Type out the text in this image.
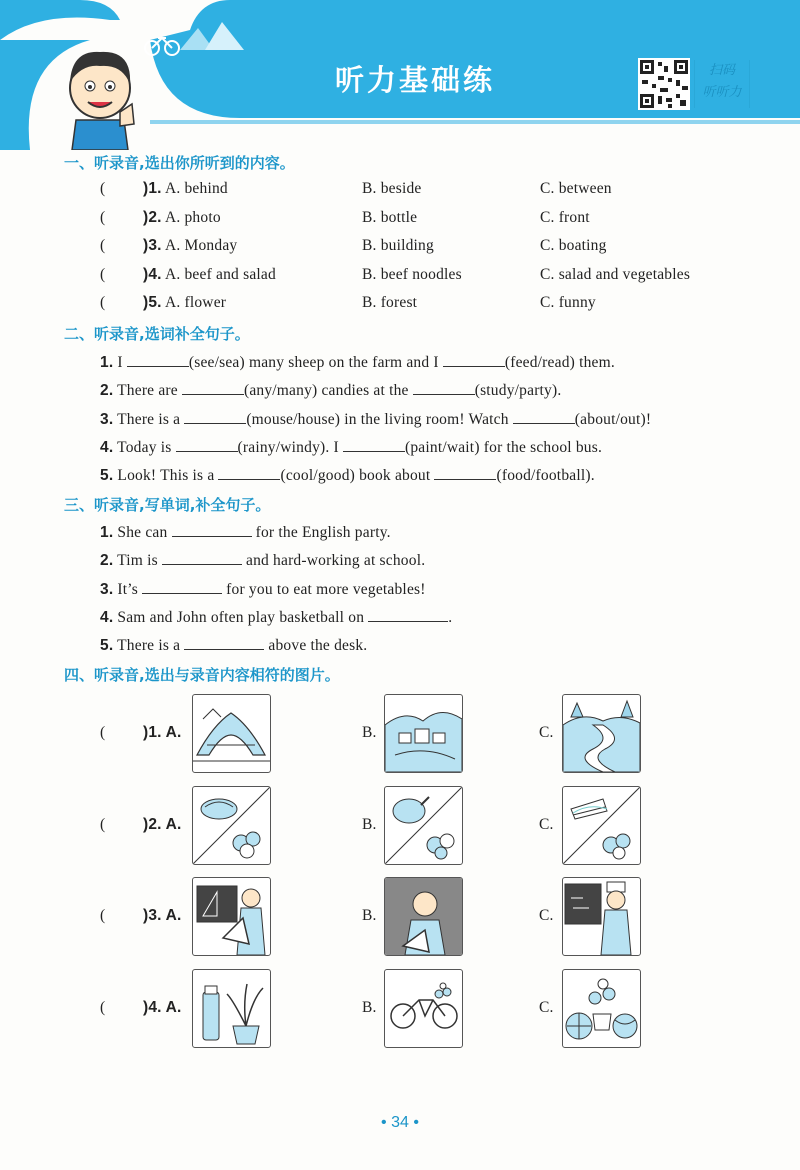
听力基础练	扫码
听听力
一、听录音,选出你所听到的内容。
( )1. A. behind	B. beside	C. between
( )2. A. photo	B. bottle	C. front
( )3. A. Monday	B. building	C. boating
( )4. A. beef and salad	B. beef noodles	C. salad and vegetables
( )5. A. flower	B. forest	C. funny
二、听录音,选词补全句子。
1. I	(see/sea) many sheep on the farm and I	(feed/read) them.
2. There are	(any/many) candies at the	(study/party).
3. There is a	(mouse/house) in the living room! Watch	(about/out)!
4. Today is	(rainy/windy). I	(paint/wait) for the school bus.
5. Look! This is a	(cool/good) book about	(food/football).
三、听录音,写单词,补全句子。
1. She can	for the English party.
2. Tim is	and hard-working at school.
3. It’s	for you to eat more vegetables!
4. Sam and John often play basketball on	.
5. There is a	above the desk.
四、听录音,选出与录音内容相符的图片。
( )1. A.	B.	C.
( )2. A.	B.	C.
( )3. A.	B.	C.
( )4. A.	B.	C.
• 34 •
